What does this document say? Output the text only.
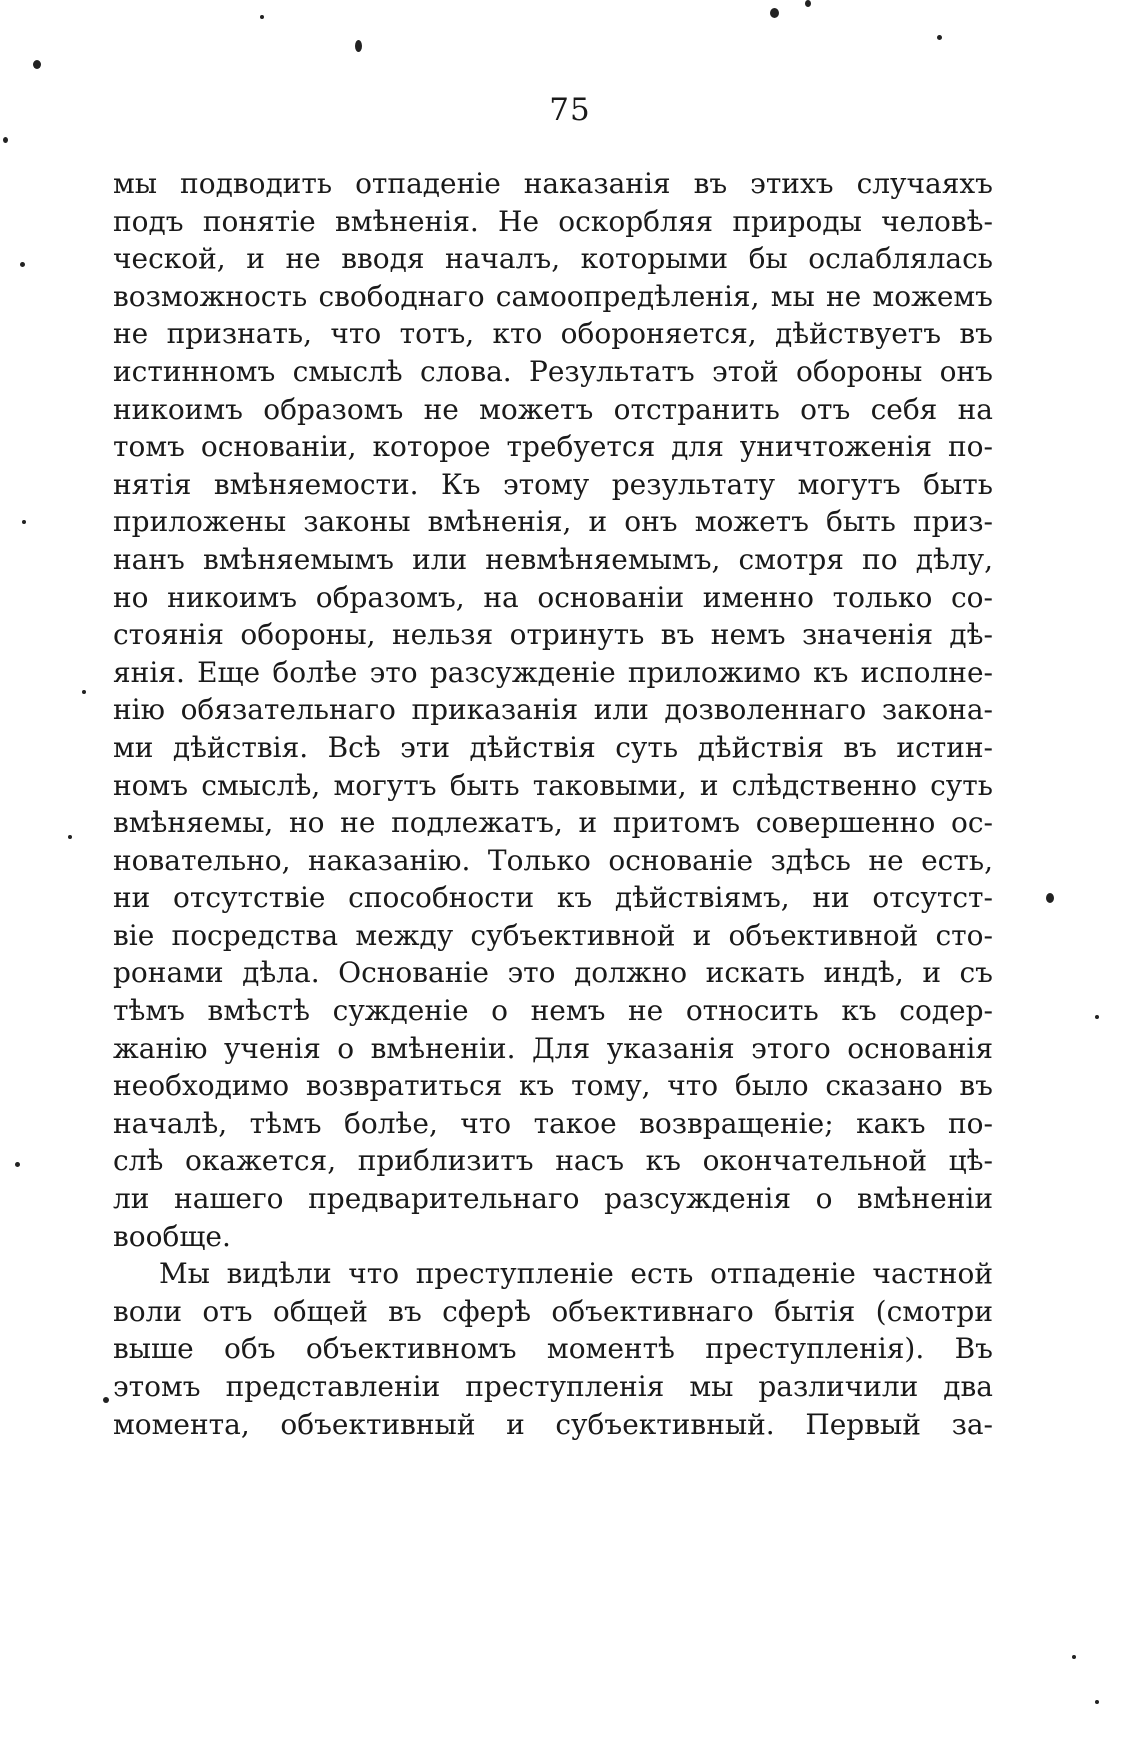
75
мы подводить отпаденіе наказанія въ этихъ случаяхъ
подъ понятіе вмѣненія. Не оскорбляя природы человѣ-
ческой, и не вводя началъ, которыми бы ослаблялась
возможность свободнаго самоопредѣленія, мы не можемъ
не признать, что тотъ, кто обороняется, дѣйствуетъ въ
истинномъ смыслѣ слова. Результатъ этой обороны онъ
никоимъ образомъ не можетъ отстранить отъ себя на
томъ основаніи, которое требуется для уничтоженія по-
нятія вмѣняемости. Къ этому результату могутъ быть
приложены законы вмѣненія, и онъ можетъ быть приз-
нанъ вмѣняемымъ или невмѣняемымъ, смотря по дѣлу,
но никоимъ образомъ, на основаніи именно только со-
стоянія обороны, нельзя отринуть въ немъ значенія дѣ-
янія. Еще болѣе это разсужденіе приложимо къ исполне-
нію обязательнаго приказанія или дозволеннаго закона-
ми дѣйствія. Всѣ эти дѣйствія суть дѣйствія въ истин-
номъ смыслѣ, могутъ быть таковыми, и слѣдственно суть
вмѣняемы, но не подлежатъ, и притомъ совершенно ос-
новательно, наказанію. Только основаніе здѣсь не есть,
ни отсутствіе способности къ дѣйствіямъ, ни отсутст-
віе посредства между субъективной и объективной сто-
ронами дѣла. Основаніе это должно искать индѣ, и съ
тѣмъ вмѣстѣ сужденіе о немъ не относить къ содер-
жанію ученія о вмѣненіи. Для указанія этого основанія
необходимо возвратиться къ тому, что было сказано въ
началѣ, тѣмъ болѣе, что такое возвращеніе; какъ по-
слѣ окажется, приблизитъ насъ къ окончательной цѣ-
ли нашего предварительнаго разсужденія о вмѣненіи
вообще.
Мы видѣли что преступленіе есть отпаденіе частной
воли отъ общей въ сферѣ объективнаго бытія (смотри
выше объ объективномъ моментѣ преступленія). Въ
этомъ представленіи преступленія мы различили два
момента, объективный и субъективный. Первый за-
